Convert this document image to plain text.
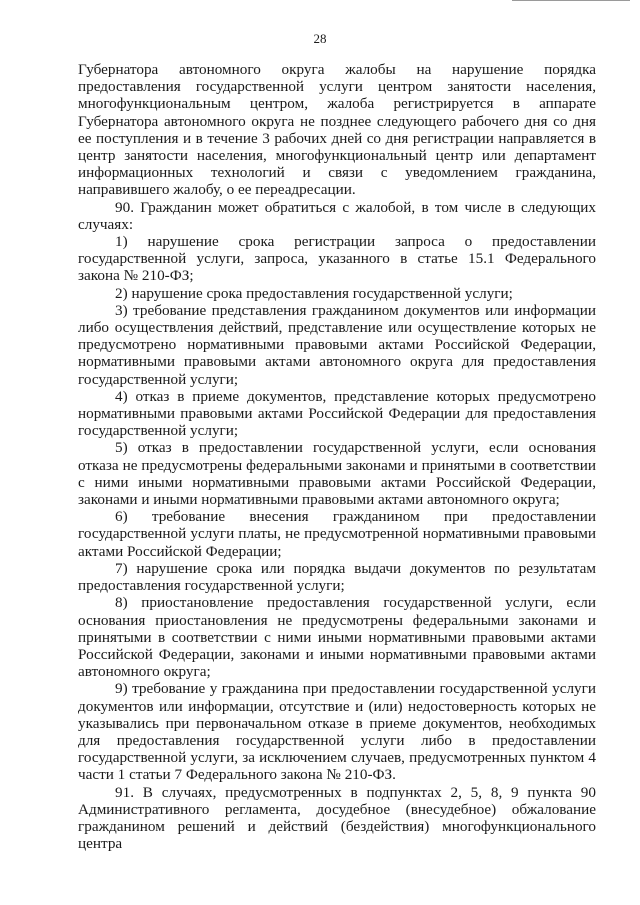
28

Губернатора автономного округа жалобы на нарушение порядка предоставления государственной услуги центром занятости населения, многофункциональным центром, жалоба регистрируется в аппарате Губернатора автономного округа не позднее следующего рабочего дня со дня ее поступления и в течение 3 рабочих дней со дня регистрации направляется в центр занятости населения, многофункциональный центр или департамент информационных технологий и связи с уведомлением гражданина, направившего жалобу, о ее переадресации.

90. Гражданин может обратиться с жалобой, в том числе в следующих случаях:

1) нарушение срока регистрации запроса о предоставлении государственной услуги, запроса, указанного в статье 15.1 Федерального закона № 210-ФЗ;

2) нарушение срока предоставления государственной услуги;

3) требование представления гражданином документов или информации либо осуществления действий, представление или осуществление которых не предусмотрено нормативными правовыми актами Российской Федерации, нормативными правовыми актами автономного округа для предоставления государственной услуги;

4) отказ в приеме документов, представление которых предусмотрено нормативными правовыми актами Российской Федерации для предоставления государственной услуги;

5) отказ в предоставлении государственной услуги, если основания отказа не предусмотрены федеральными законами и принятыми в соответствии с ними иными нормативными правовыми актами Российской Федерации, законами и иными нормативными правовыми актами автономного округа;

6) требование внесения гражданином при предоставлении государственной услуги платы, не предусмотренной нормативными правовыми актами Российской Федерации;

7) нарушение срока или порядка выдачи документов по результатам предоставления государственной услуги;

8) приостановление предоставления государственной услуги, если основания приостановления не предусмотрены федеральными законами и принятыми в соответствии с ними иными нормативными правовыми актами Российской Федерации, законами и иными нормативными правовыми актами автономного округа;

9) требование у гражданина при предоставлении государственной услуги документов или информации, отсутствие и (или) недостоверность которых не указывались при первоначальном отказе в приеме документов, необходимых для предоставления государственной услуги либо в предоставлении государственной услуги, за исключением случаев, предусмотренных пунктом 4 части 1 статьи 7 Федерального закона № 210-ФЗ.

91. В случаях, предусмотренных в подпунктах 2, 5, 8, 9 пункта 90 Административного регламента, досудебное (внесудебное) обжалование гражданином решений и действий (бездействия) многофункционального центра
